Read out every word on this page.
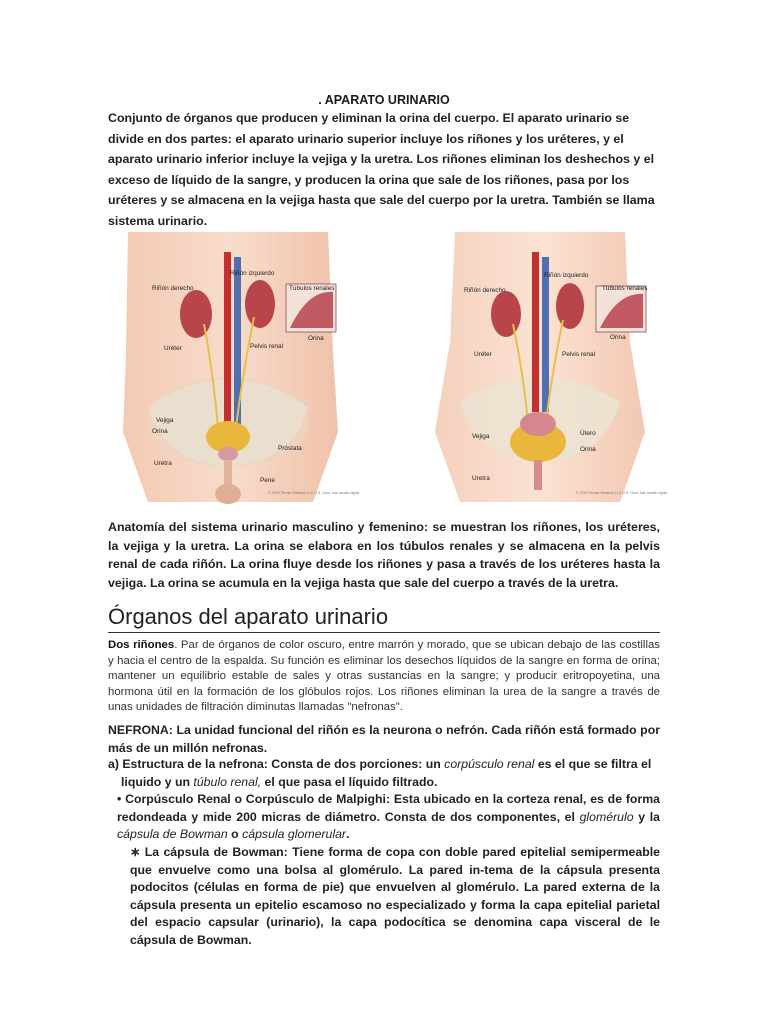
. APARATO URINARIO
Conjunto de órganos que producen y eliminan la orina del cuerpo. El aparato urinario se divide en dos partes: el aparato urinario superior incluye los riñones y los uréteres, y el aparato urinario inferior incluye la vejiga y la uretra. Los riñones eliminan los deshechos y el exceso de líquido de la sangre, y producen la orina que sale de los riñones, pasa por los uréteres y se almacena en la vejiga hasta que sale del cuerpo por la uretra. También se llama sistema urinario.
Riñón izquierdo
Túbulos renales
Riñón derecho
Orina
Uréter	Pelvis renal
Vejiga
Orina
Próstata
Uretra
Pene
© 2016 Terese Winslow LLC U.S. Govt. has certain rights
Riñón izquierdo
Túbulos renales
Riñón derecho
Orina
Uréter	Pelvis renal
Útero
Vejiga
Orina
Uretra
© 2016 Terese Winslow LLC U.S. Govt. has certain rights
Anatomía del sistema urinario masculino y femenino: se muestran los riñones, los uréteres, la vejiga y la uretra. La orina se elabora en los túbulos renales y se almacena en la pelvis renal de cada riñón. La orina fluye desde los riñones y pasa a través de los uréteres hasta la vejiga. La orina se acumula en la vejiga hasta que sale del cuerpo a través de la uretra.
Órganos del aparato urinario
Dos riñones. Par de órganos de color oscuro, entre marrón y morado, que se ubican debajo de las costillas y hacia el centro de la espalda. Su función es eliminar los desechos líquidos de la sangre en forma de orina; mantener un equilibrio estable de sales y otras sustancias en la sangre; y producir eritropoyetina, una hormona útil en la formación de los glóbulos rojos. Los riñones eliminan la urea de la sangre a través de unas unidades de filtración diminutas llamadas "nefronas".
NEFRONA: La unidad funcional del riñón es la neurona o nefrón. Cada riñón está formado por más de un millón nefronas.
a) Estructura de la nefrona: Consta de dos porciones: un corpúsculo renal es el que se filtra el
liquido y un túbulo renal, el que pasa el líquido filtrado.
• Corpúsculo Renal o Corpúsculo de Malpighi: Esta ubicado en la corteza renal, es de forma redondeada y mide 200 micras de diámetro. Consta de dos componentes, el glomérulo y la cápsula de Bowman o cápsula glomerular.
∗ La cápsula de Bowman: Tiene forma de copa con doble pared epitelial semipermeable que envuelve como una bolsa al glomérulo. La pared in-tema de la cápsula presenta podocitos (células en forma de pie) que envuelven al glomérulo. La pared externa de la cápsula presenta un epitelio escamoso no especializado y forma la capa epitelial parietal del espacio capsular (urinario), la capa podocítica se denomina capa visceral de le cápsula de Bowman.
